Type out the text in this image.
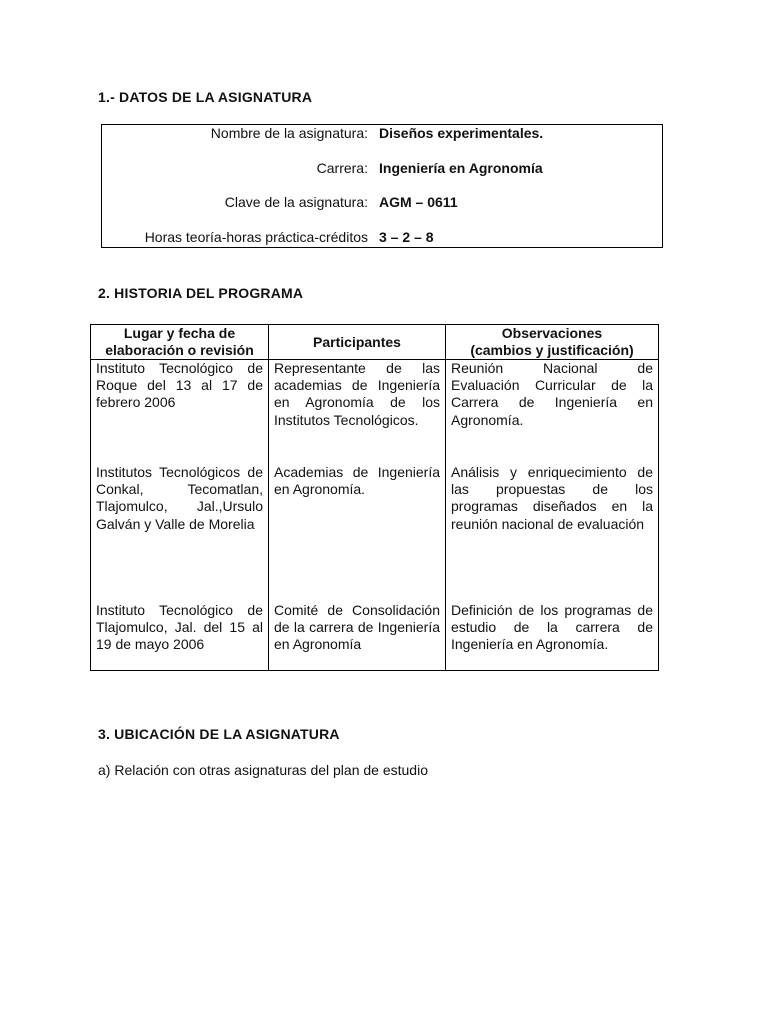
1.- DATOS DE LA ASIGNATURA
Nombre de la asignatura: Diseños experimentales.
Carrera: Ingeniería en Agronomía
Clave de la asignatura: AGM – 0611
Horas teoría-horas práctica-créditos 3 – 2 – 8
2. HISTORIA DEL PROGRAMA
Lugar y fecha de
elaboración o revisión	Participantes	Observaciones
(cambios y justificación)

Instituto Tecnológico de Roque del 13 al 17 de febrero 2006	Representante de las academias de Ingeniería en Agronomía de los Institutos Tecnológicos.	Reunión Nacional de Evaluación Curricular de la Carrera de Ingeniería en Agronomía.

Institutos Tecnológicos de Conkal, Tecomatlan, Tlajomulco, Jal.,Ursulo Galván y Valle de Morelia	Academias de Ingeniería en Agronomía.	Análisis y enriquecimiento de las propuestas de los programas diseñados en la reunión nacional de evaluación

Instituto Tecnológico de Tlajomulco, Jal. del 15 al 19 de mayo 2006	Comité de Consolidación de la carrera de Ingeniería en Agronomía	Definición de los programas de estudio de la carrera de Ingeniería en Agronomía.
3. UBICACIÓN DE LA ASIGNATURA
a) Relación con otras asignaturas del plan de estudio
